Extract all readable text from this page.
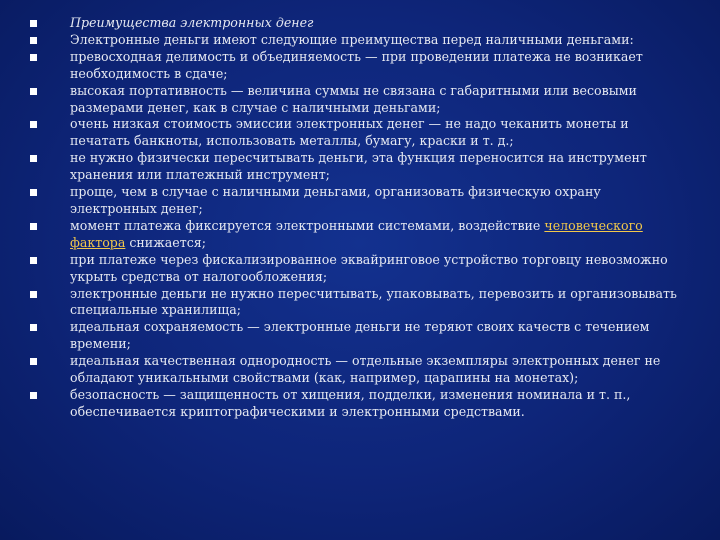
Преимущества электронных денег
Электронные деньги имеют следующие преимущества перед наличными деньгами:
превосходная делимость и объединяемость — при проведении платежа не возникает необходимость в сдаче;
высокая портативность — величина суммы не связана с габаритными или весовыми размерами денег, как в случае с наличными деньгами;
очень низкая стоимость эмиссии электронных денег — не надо чеканить монеты и печатать банкноты, использовать металлы, бумагу, краски и т. д.;
не нужно физически пересчитывать деньги, эта функция переносится на инструмент хранения или платежный инструмент;
проще, чем в случае с наличными деньгами, организовать физическую охрану электронных денег;
момент платежа фиксируется электронными системами, воздействие человеческого фактора снижается;
при платеже через фискализированное эквайринговое устройство торговцу невозможно укрыть средства от налогообложения;
электронные деньги не нужно пересчитывать, упаковывать, перевозить и организовывать специальные хранилища;
идеальная сохраняемость — электронные деньги не теряют своих качеств с течением времени;
идеальная качественная однородность — отдельные экземпляры электронных денег не обладают уникальными свойствами (как, например, царапины на монетах);
безопасность — защищенность от хищения, подделки, изменения номинала и т. п., обеспечивается криптографическими и электронными средствами.
